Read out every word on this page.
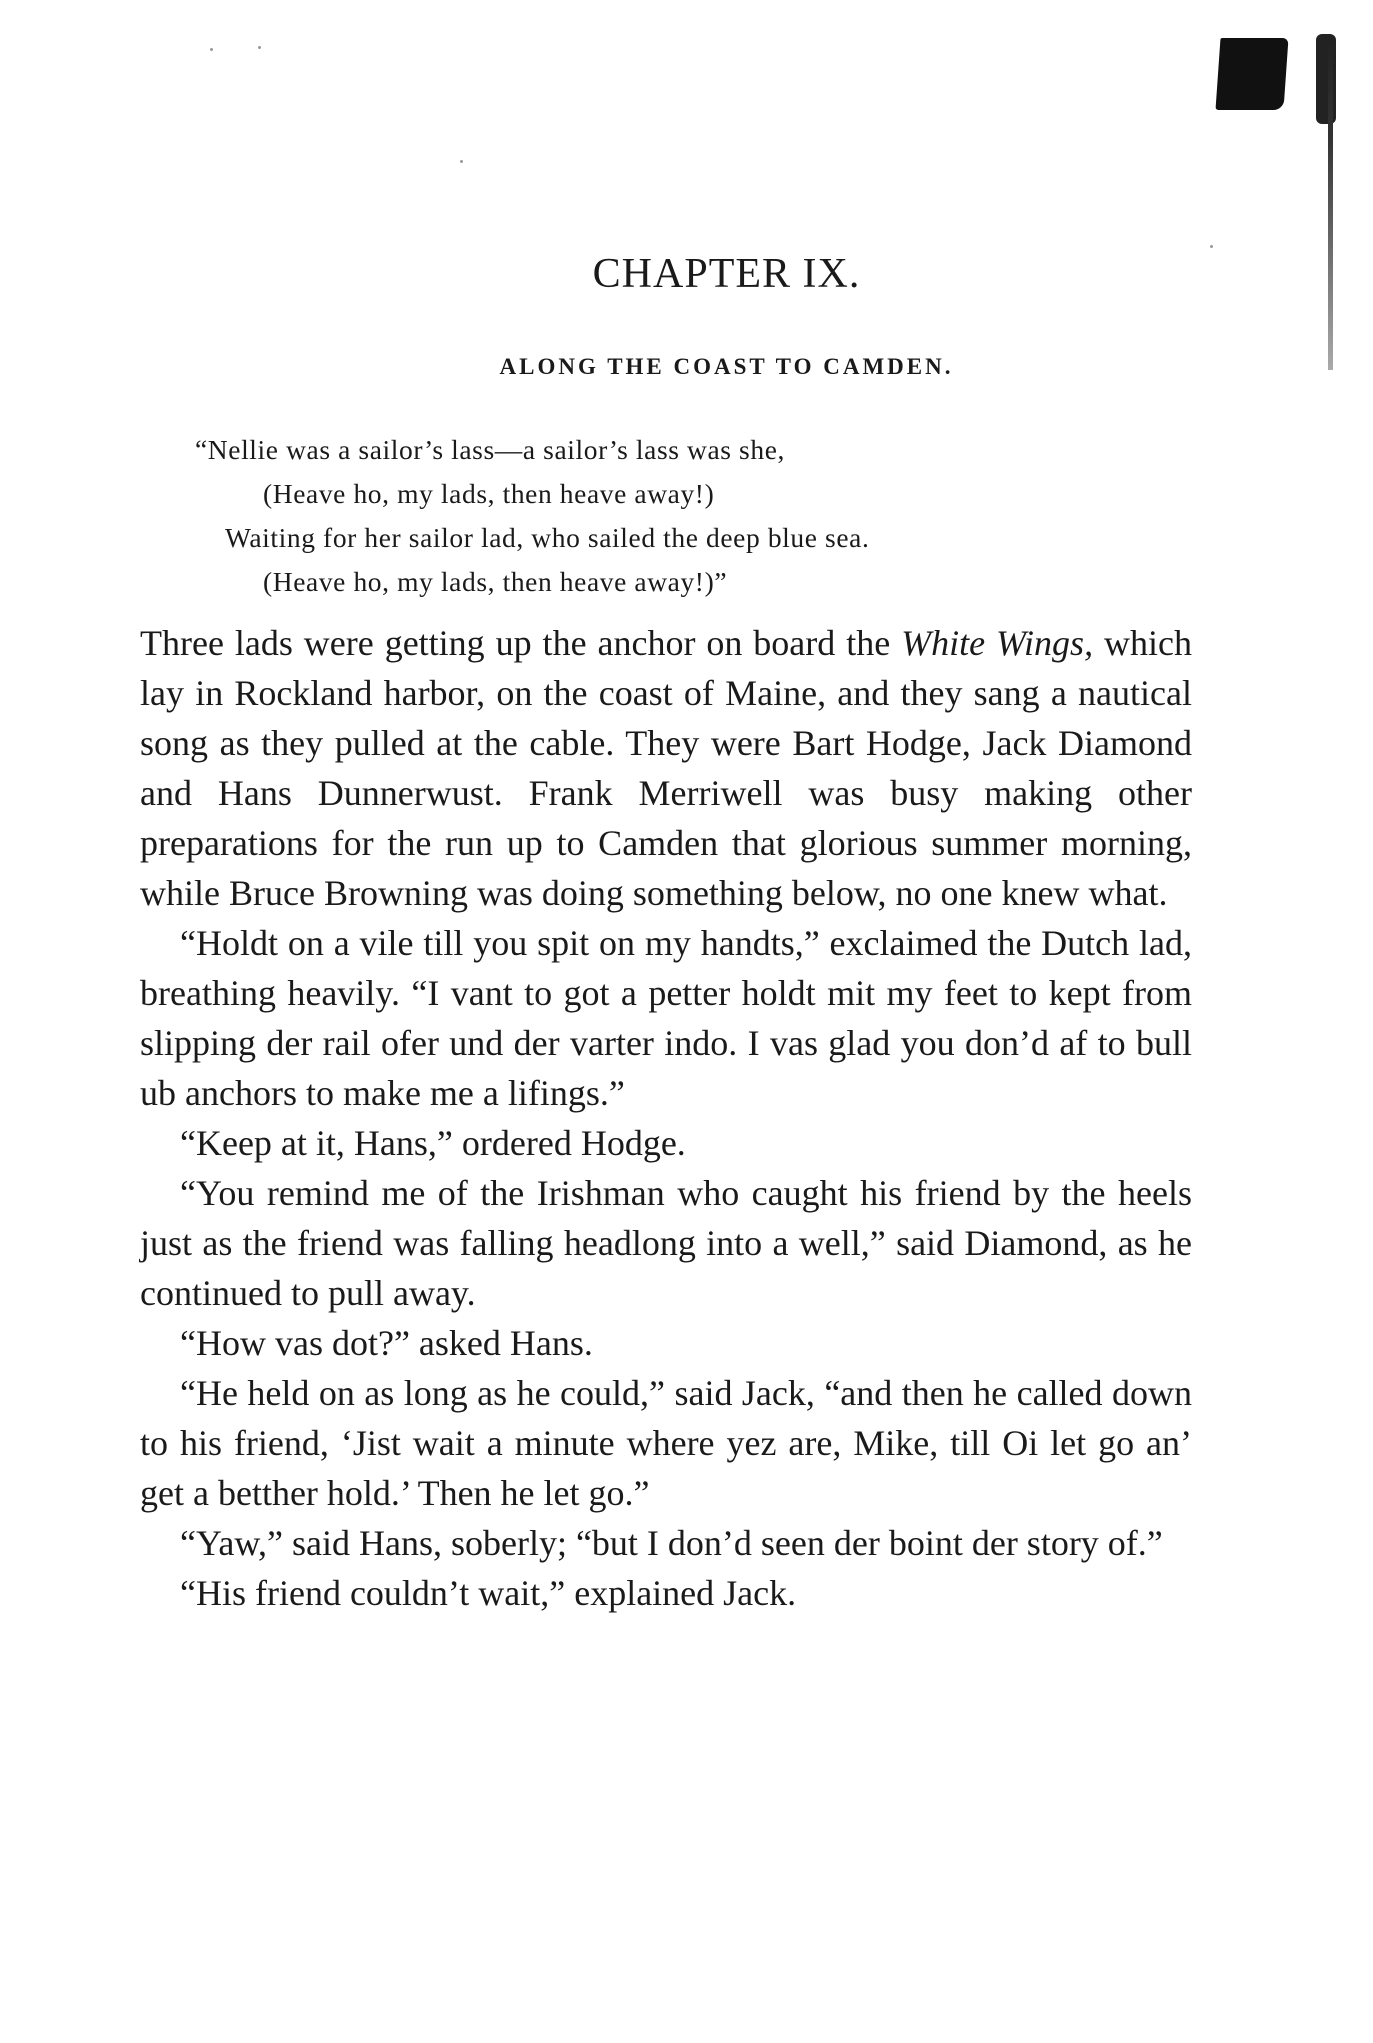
CHAPTER IX.
ALONG THE COAST TO CAMDEN.
“Nellie was a sailor’s lass—a sailor’s lass was she,
(Heave ho, my lads, then heave away!)
Waiting for her sailor lad, who sailed the deep blue sea.
(Heave ho, my lads, then heave away!)”

Three lads were getting up the anchor on board the White Wings, which lay in Rockland harbor, on the coast of Maine, and they sang a nautical song as they pulled at the cable. They were Bart Hodge, Jack Diamond and Hans Dunnerwust. Frank Merriwell was busy making other preparations for the run up to Camden that glorious summer morning, while Bruce Browning was doing something below, no one knew what.

“Holdt on a vile till you spit on my handts,” exclaimed the Dutch lad, breathing heavily. “I vant to got a petter holdt mit my feet to kept from slipping der rail ofer und der varter indo. I vas glad you don’d af to bull ub anchors to make me a lifings.”

“Keep at it, Hans,” ordered Hodge.

“You remind me of the Irishman who caught his friend by the heels just as the friend was falling headlong into a well,” said Diamond, as he continued to pull away.

“How vas dot?” asked Hans.

“He held on as long as he could,” said Jack, “and then he called down to his friend, ‘Jist wait a minute where yez are, Mike, till Oi let go an’ get a betther hold.’ Then he let go.”

“Yaw,” said Hans, soberly; “but I don’d seen der boint der story of.”

“His friend couldn’t wait,” explained Jack.
